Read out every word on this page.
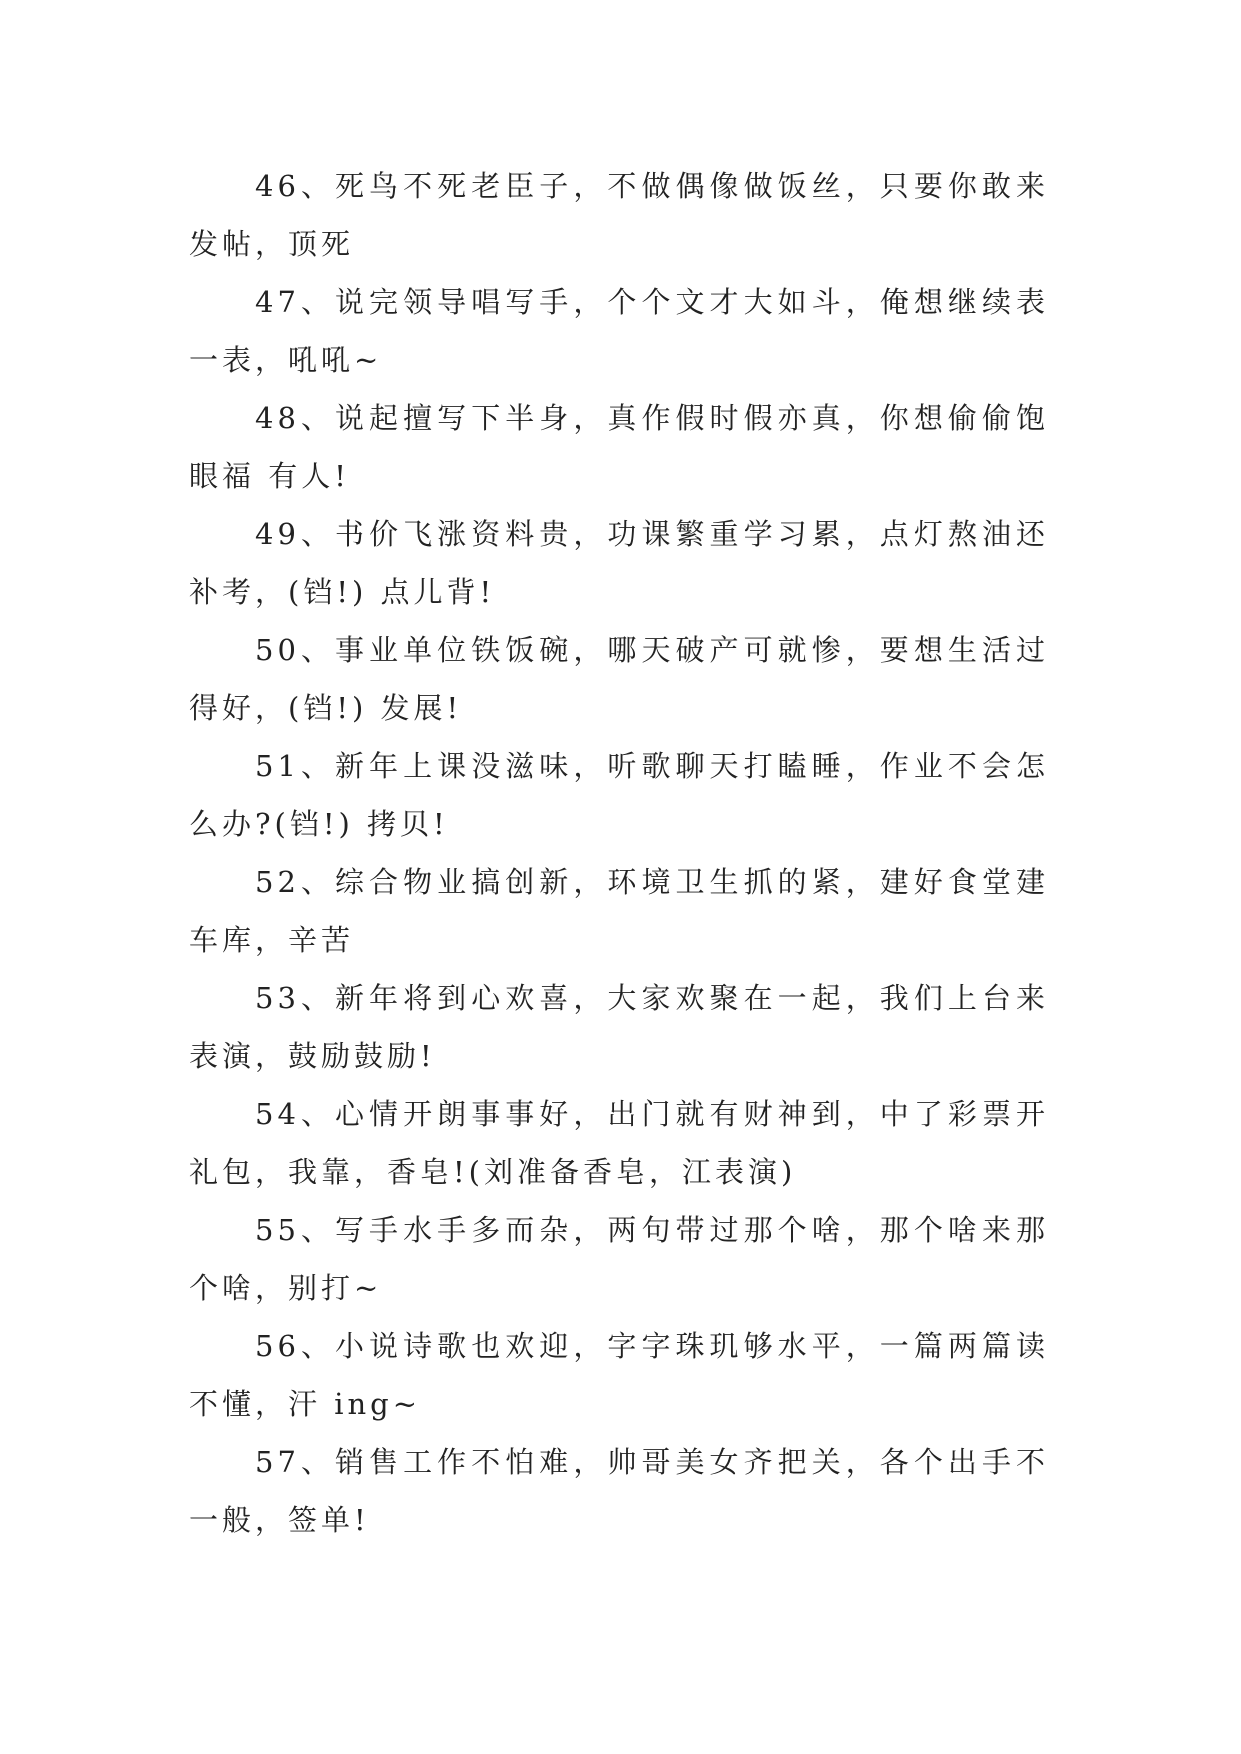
46、死鸟不死老臣子，不做偶像做饭丝，只要你敢来发帖，顶死

47、说完领导唱写手，个个文才大如斗，俺想继续表一表，吼吼~

48、说起擅写下半身，真作假时假亦真，你想偷偷饱眼福 有人!

49、书价飞涨资料贵，功课繁重学习累，点灯熬油还补考，(铛!) 点儿背!

50、事业单位铁饭碗，哪天破产可就惨，要想生活过得好，(铛!) 发展!

51、新年上课没滋味，听歌聊天打瞌睡，作业不会怎么办?(铛!) 拷贝!

52、综合物业搞创新，环境卫生抓的紧，建好食堂建车库，辛苦

53、新年将到心欢喜，大家欢聚在一起，我们上台来表演，鼓励鼓励!

54、心情开朗事事好，出门就有财神到，中了彩票开礼包，我靠，香皂!(刘准备香皂，江表演)

55、写手水手多而杂，两句带过那个啥，那个啥来那个啥，别打~

56、小说诗歌也欢迎，字字珠玑够水平，一篇两篇读不懂，汗 ing~

57、销售工作不怕难，帅哥美女齐把关，各个出手不一般，签单!
